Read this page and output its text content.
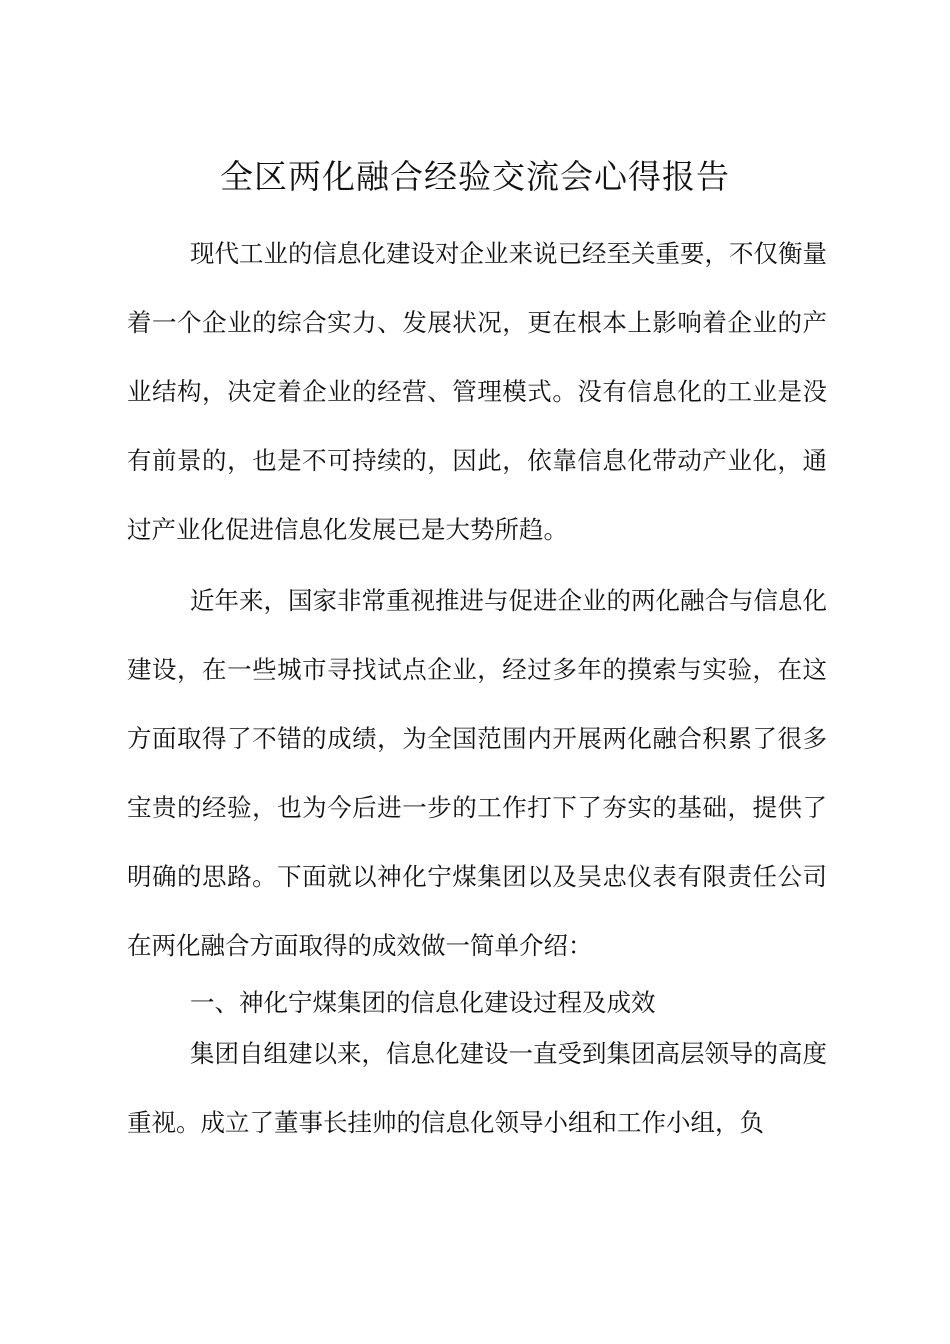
全区两化融合经验交流会心得报告
现代工业的信息化建设对企业来说已经至关重要，不仅衡量着一个企业的综合实力、发展状况，更在根本上影响着企业的产业结构，决定着企业的经营、管理模式。没有信息化的工业是没有前景的，也是不可持续的，因此，依靠信息化带动产业化，通过产业化促进信息化发展已是大势所趋。
近年来，国家非常重视推进与促进企业的两化融合与信息化建设，在一些城市寻找试点企业，经过多年的摸索与实验，在这方面取得了不错的成绩，为全国范围内开展两化融合积累了很多宝贵的经验，也为今后进一步的工作打下了夯实的基础，提供了明确的思路。下面就以神化宁煤集团以及吴忠仪表有限责任公司在两化融合方面取得的成效做一简单介绍：
一、神化宁煤集团的信息化建设过程及成效
集团自组建以来，信息化建设一直受到集团高层领导的高度重视。成立了董事长挂帅的信息化领导小组和工作小组，负
